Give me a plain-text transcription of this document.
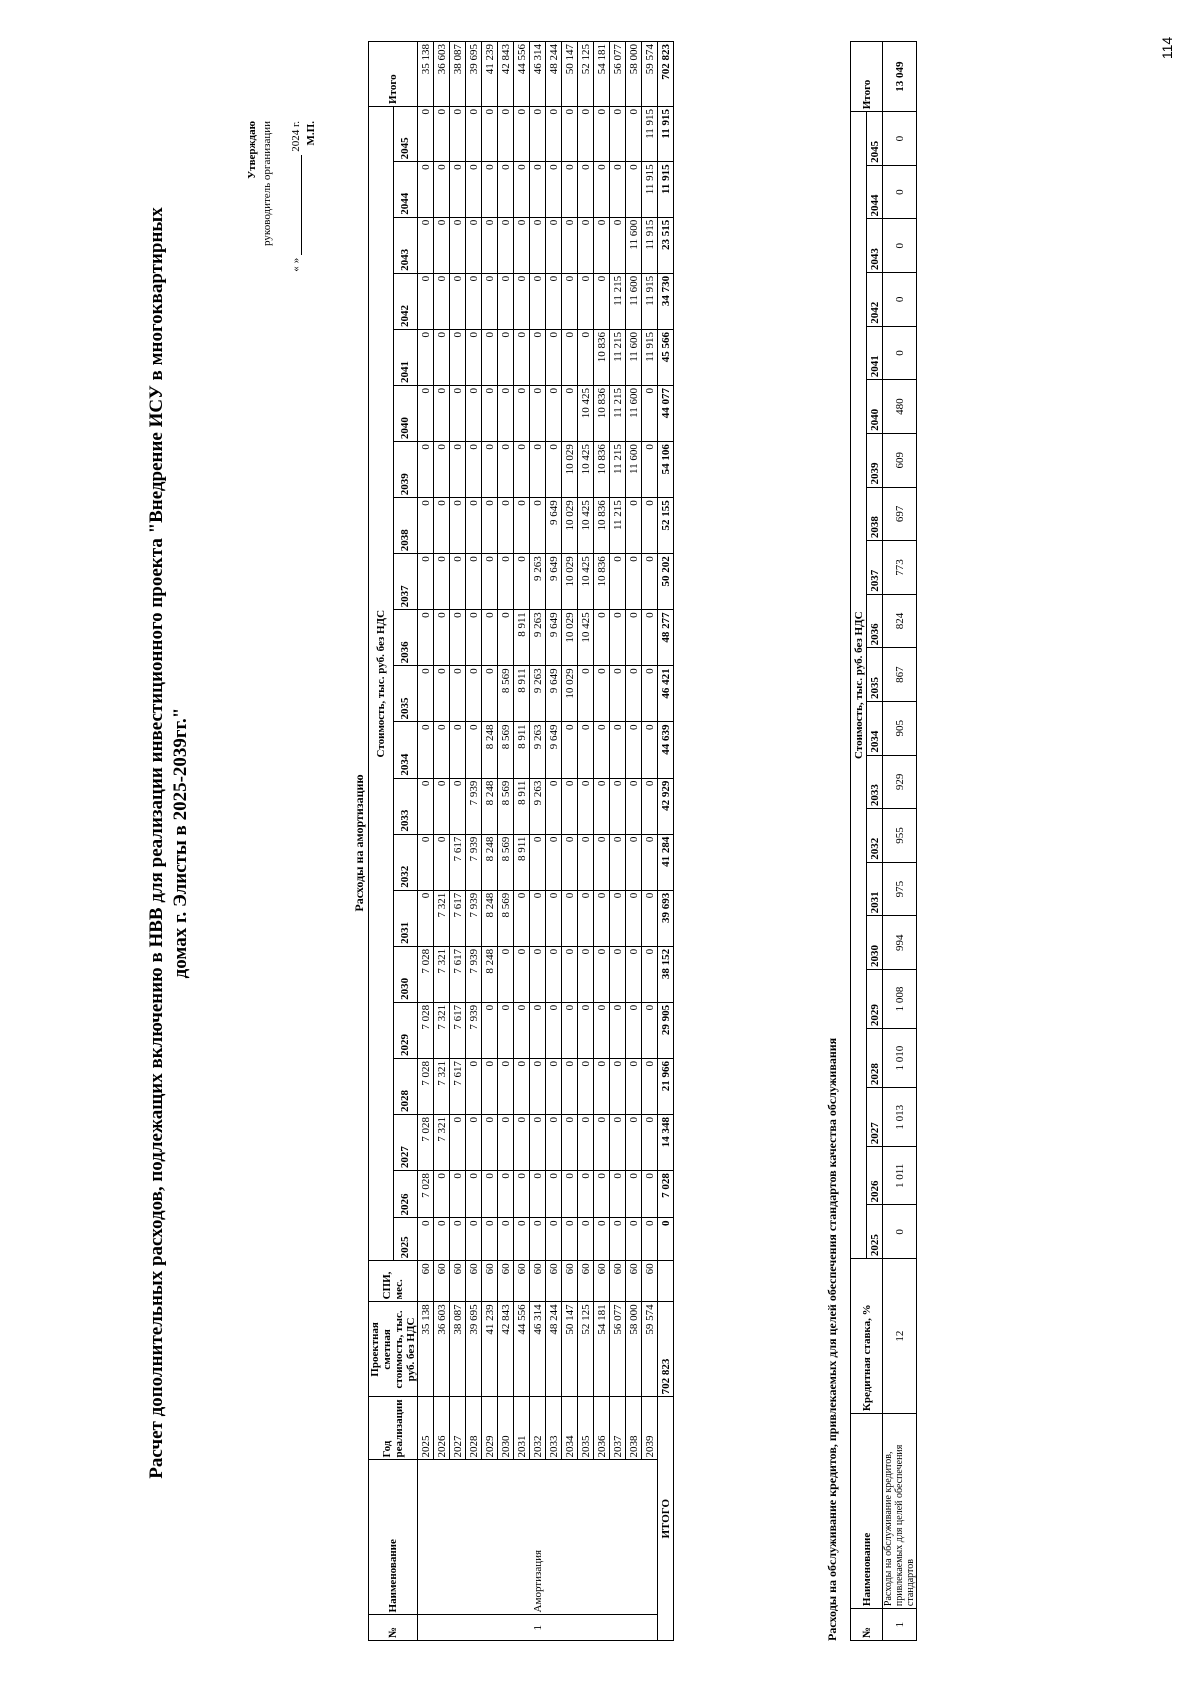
114
Расчет дополнительных расходов, подлежащих включению в НВВ для реализации инвестиционного проекта "Внедрение ИСУ в многоквартирных домах г. Элисты в 2025-2039гг."
Утверждаю руководитель организации
«
»
2024 г. М.П.
Расходы на амортизацию
№	Наименование	Год реализации	Проектная сметная стоимость, тыс. руб. без НДС	СПИ, мес.	Стоимость, тыс. руб. без НДС																					Итого
					2025	2026	2027	2028	2029	2030	2031	2032	2033	2034	2035	2036	2037	2038	2039	2040	2041	2042	2043	2044	2045	
1	Амортизация	2025	35 138	60	0	7 028	7 028	7 028	7 028	7 028	0	0	0	0	0	0	0	0	0	0	0	0	0	0	0	35 138
		2026	36 603	60	0	0	7 321	7 321	7 321	7 321	7 321	0	0	0	0	0	0	0	0	0	0	0	0	0	0	36 603
		2027	38 087	60	0	0	0	7 617	7 617	7 617	7 617	7 617	0	0	0	0	0	0	0	0	0	0	0	0	0	38 087
		2028	39 695	60	0	0	0	0	7 939	7 939	7 939	7 939	7 939	0	0	0	0	0	0	0	0	0	0	0	0	39 695
		2029	41 239	60	0	0	0	0	0	8 248	8 248	8 248	8 248	8 248	0	0	0	0	0	0	0	0	0	0	0	41 239
		2030	42 843	60	0	0	0	0	0	0	8 569	8 569	8 569	8 569	8 569	0	0	0	0	0	0	0	0	0	0	42 843
		2031	44 556	60	0	0	0	0	0	0	0	8 911	8 911	8 911	8 911	8 911	0	0	0	0	0	0	0	0	0	44 556
		2032	46 314	60	0	0	0	0	0	0	0	0	9 263	9 263	9 263	9 263	9 263	0	0	0	0	0	0	0	0	46 314
		2033	48 244	60	0	0	0	0	0	0	0	0	0	9 649	9 649	9 649	9 649	9 649	0	0	0	0	0	0	0	48 244
		2034	50 147	60	0	0	0	0	0	0	0	0	0	0	10 029	10 029	10 029	10 029	10 029	0	0	0	0	0	0	50 147
		2035	52 125	60	0	0	0	0	0	0	0	0	0	0	0	10 425	10 425	10 425	10 425	10 425	0	0	0	0	0	52 125
		2036	54 181	60	0	0	0	0	0	0	0	0	0	0	0	0	10 836	10 836	10 836	10 836	10 836	0	0	0	0	54 181
		2037	56 077	60	0	0	0	0	0	0	0	0	0	0	0	0	0	11 215	11 215	11 215	11 215	11 215	0	0	0	56 077
		2038	58 000	60	0	0	0	0	0	0	0	0	0	0	0	0	0	0	11 600	11 600	11 600	11 600	11 600	0	0	58 000
		2039	59 574	60	0	0	0	0	0	0	0	0	0	0	0	0	0	0	0	0	11 915	11 915	11 915	11 915	11 915	59 574
ИТОГО			702 823		0	7 028	14 348	21 966	29 905	38 152	39 693	41 284	42 929	44 639	46 421	48 277	50 202	52 155	54 106	44 077	45 566	34 730	23 515	11 915	11 915	702 823
Расходы на обслуживание кредитов, привлекаемых для целей обеспечения стандартов качества обслуживания №	Наименование	Кредитная ставка, %	Стоимость, тыс. руб. без НДС																					Итого
			2025	2026	2027	2028	2029	2030	2031	2032	2033	2034	2035	2036	2037	2038	2039	2040	2041	2042	2043	2044	2045	
1	Расходы на обслуживание кредитов, привлекаемых для целей обеспечения стандартов	12	0	1 011	1 013	1 010	1 008	994	975	955	929	905	867	824	773	697	609	480	0	0	0	0	0	13 049
